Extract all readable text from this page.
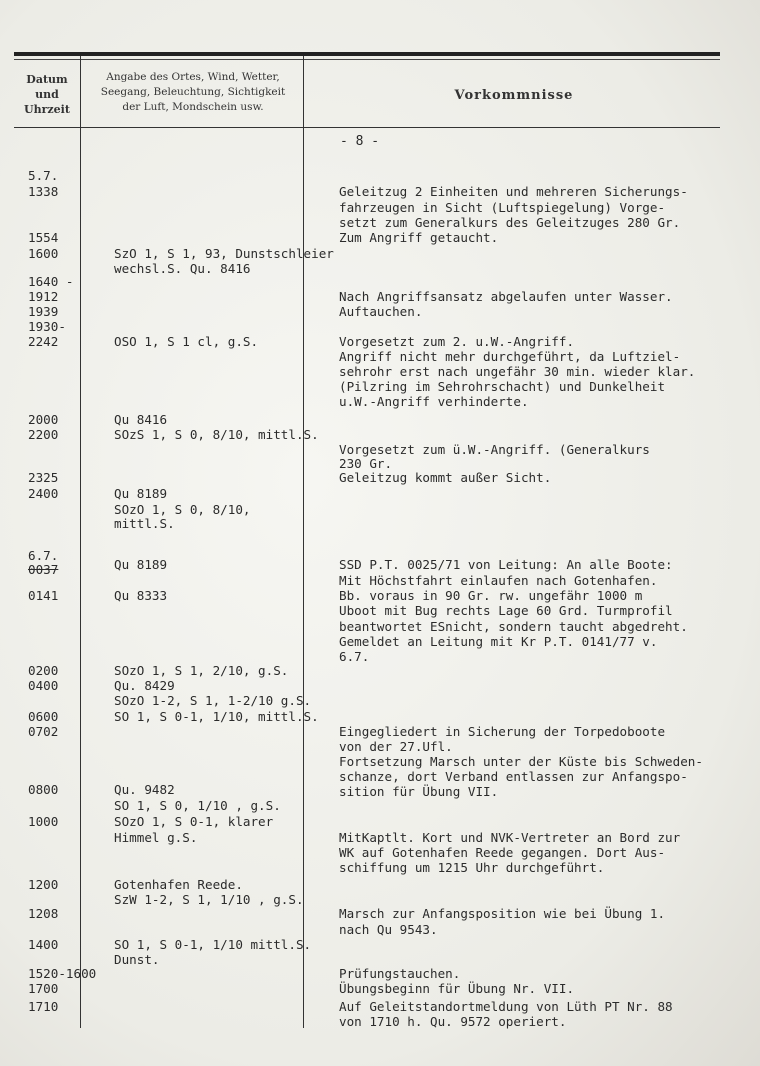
Datum
und
Uhrzeit
Angabe des Ortes, Wind, Wetter,
Seegang, Beleuchtung, Sichtigkeit
der Luft, Mondschein usw.
Vorkommnisse
- 8 -
5.7.
1338
1554
1600
1640 -
1912
1939
1930-
2242
2000
2200
2325
2400
6.7.
0037
0141
0200
0400
0600
0702
0800
1000
1200
1208
1400
1520-1600
1700
1710
SzO 1, S 1, 93, Dunstschleier
wechsl.S. Qu. 8416
OSO 1, S 1 cl, g.S.
Qu 8416
SOzS 1, S 0, 8/10, mittl.S.
Qu 8189
SOzO 1, S 0, 8/10,
mittl.S.
Qu 8189
Qu 8333
SOzO 1, S 1, 2/10, g.S.
Qu. 8429
SOzO 1-2, S 1, 1-2/10 g.S.
SO 1, S 0-1, 1/10, mittl.S.
Qu. 9482
SO 1, S 0, 1/10 , g.S.
SOzO 1, S 0-1, klarer
Himmel g.S.
Gotenhafen Reede.
SzW 1-2, S 1, 1/10 , g.S.
SO 1, S 0-1, 1/10 mittl.S.
Dunst.
Geleitzug 2 Einheiten und mehreren Sicherungs-
fahrzeugen in Sicht (Luftspiegelung) Vorge-
setzt zum Generalkurs des Geleitzuges 280 Gr.
Zum Angriff getaucht.
Nach Angriffsansatz abgelaufen unter Wasser.
Auftauchen.
Vorgesetzt zum 2. u.W.-Angriff.
Angriff nicht mehr durchgeführt, da Luftziel-
sehrohr erst nach ungefähr 30 min. wieder klar.
(Pilzring im Sehrohrschacht) und Dunkelheit
u.W.-Angriff verhinderte.
Vorgesetzt zum ü.W.-Angriff. (Generalkurs
230 Gr.
Geleitzug kommt außer Sicht.
SSD P.T. 0025/71 von Leitung: An alle Boote:
Mit Höchstfahrt einlaufen nach Gotenhafen.
Bb. voraus in 90 Gr. rw. ungefähr 1000 m
Uboot mit Bug rechts Lage 60 Grd. Turmprofil
beantwortet ESnicht, sondern taucht abgedreht.
Gemeldet an Leitung mit Kr P.T. 0141/77 v.
6.7.
Eingegliedert in Sicherung der Torpedoboote
von der 27.Ufl.
Fortsetzung Marsch unter der Küste bis Schweden-
schanze, dort Verband entlassen zur Anfangspo-
sition für Übung VII.
MitKaptlt. Kort und NVK-Vertreter an Bord zur
WK auf Gotenhafen Reede gegangen. Dort Aus-
schiffung um 1215 Uhr durchgeführt.
Marsch zur Anfangsposition wie bei Übung 1.
nach Qu 9543.
Prüfungstauchen.
Übungsbeginn für Übung Nr. VII.
Auf Geleitstandortmeldung von Lüth PT Nr. 88
von 1710 h. Qu. 9572 operiert.
